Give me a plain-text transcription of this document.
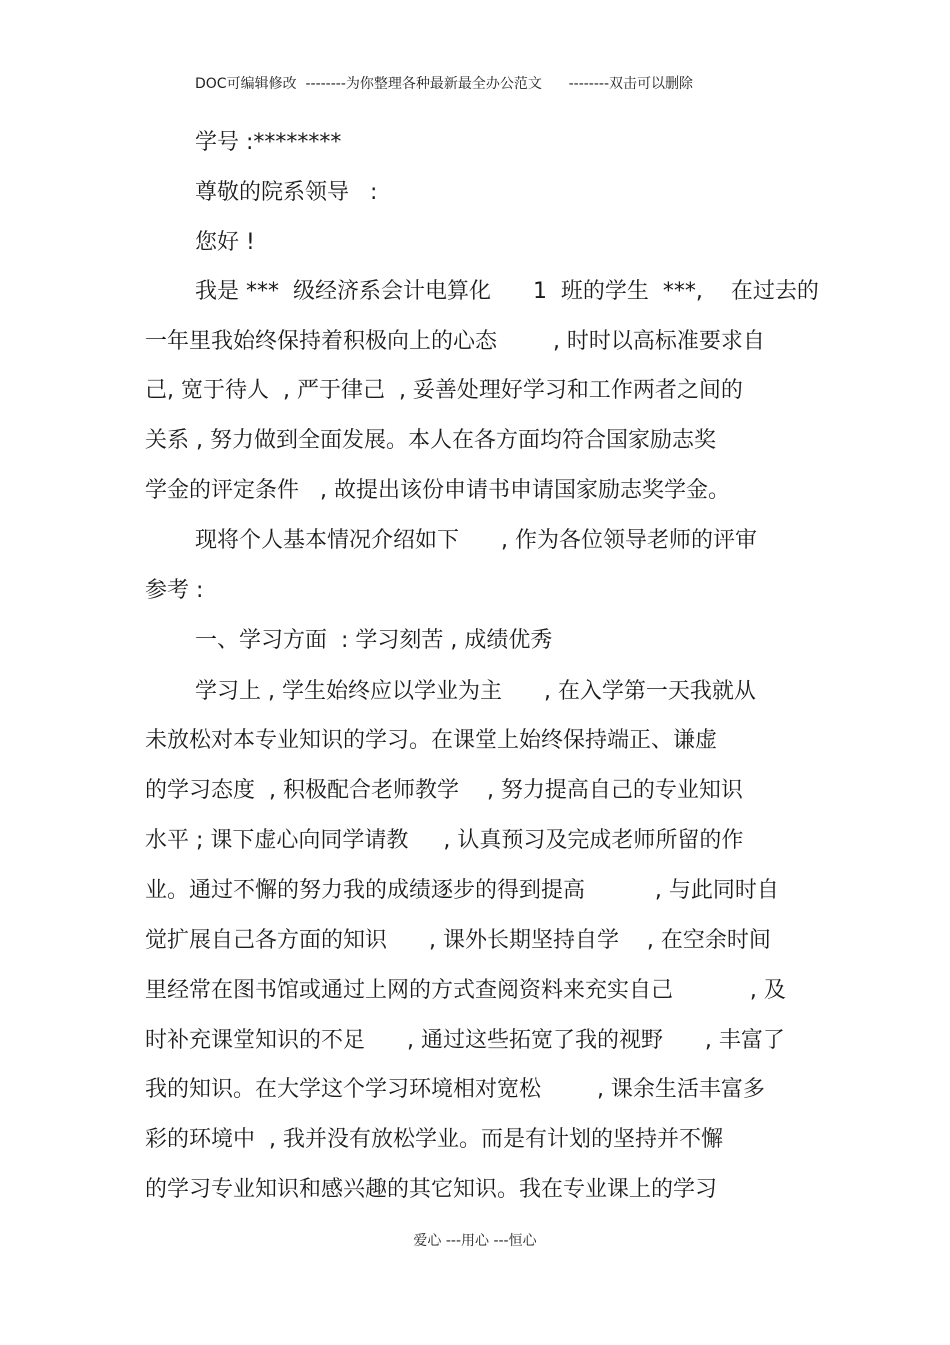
DOC可编辑修改  --------为你整理各种最新最全办公范文      --------双击可以删除
学号 :********
尊敬的院系领导   :
您好 !
我是 ***  级经济系会计电算化      1  班的学生  ***,    在过去的
一年里我始终保持着积极向上的心态        , 时时以高标准要求自
己, 宽于待人  , 严于律己  , 妥善处理好学习和工作两者之间的
关系 , 努力做到全面发展。本人在各方面均符合国家励志奖
学金的评定条件   , 故提出该份申请书申请国家励志奖学金。
现将个人基本情况介绍如下      , 作为各位领导老师的评审
参考 :
一、学习方面  : 学习刻苦 , 成绩优秀
学习上 , 学生始终应以学业为主      , 在入学第一天我就从
未放松对本专业知识的学习。在课堂上始终保持端正、谦虚
的学习态度  , 积极配合老师教学    , 努力提高自己的专业知识
水平 ; 课下虚心向同学请教     , 认真预习及完成老师所留的作
业。通过不懈的努力我的成绩逐步的得到提高          , 与此同时自
觉扩展自己各方面的知识      , 课外长期坚持自学    , 在空余时间
里经常在图书馆或通过上网的方式查阅资料来充实自己           , 及
时补充课堂知识的不足      , 通过这些拓宽了我的视野      , 丰富了
我的知识。在大学这个学习环境相对宽松        , 课余生活丰富多
彩的环境中  , 我并没有放松学业。而是有计划的坚持并不懈
的学习专业知识和感兴趣的其它知识。我在专业课上的学习
爱心 ---用心 ---恒心
